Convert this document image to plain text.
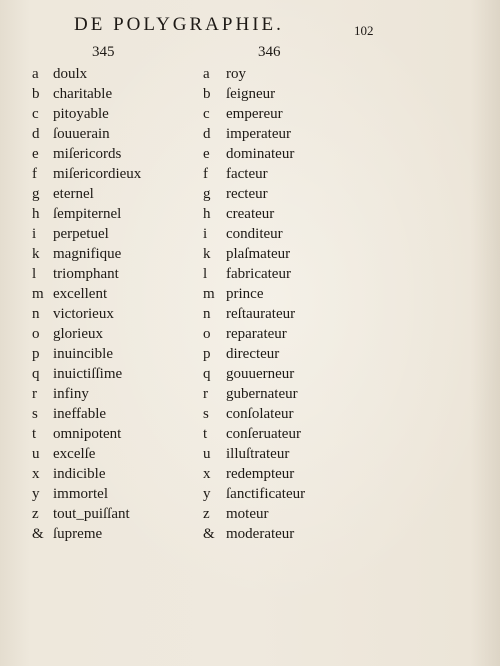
DE POLYGRAPHIE.	102
345	346
a doulx	a roy
b charitable	b ſeigneur
c pitoyable	c empereur
d ſouuerain	d imperateur
e miſericords	e dominateur
f miſericordieux	f facteur
g eternel	g recteur
h ſempiternel	h createur
i perpetuel	i conditeur
k magnifique	k plaſmateur
l triomphant	l fabricateur
m excellent	m prince
n victorieux	n reſtaurateur
o glorieux	o reparateur
p inuincible	p directeur
q inuictiſſime	q gouuerneur
r infiny	r gubernateur
s ineffable	s conſolateur
t omnipotent	t conſeruateur
u excelſe	u illuſtrateur
x indicible	x redempteur
y immortel	y ſanctificateur
z tout_puiſſant	z moteur
& ſupreme	& moderateur
